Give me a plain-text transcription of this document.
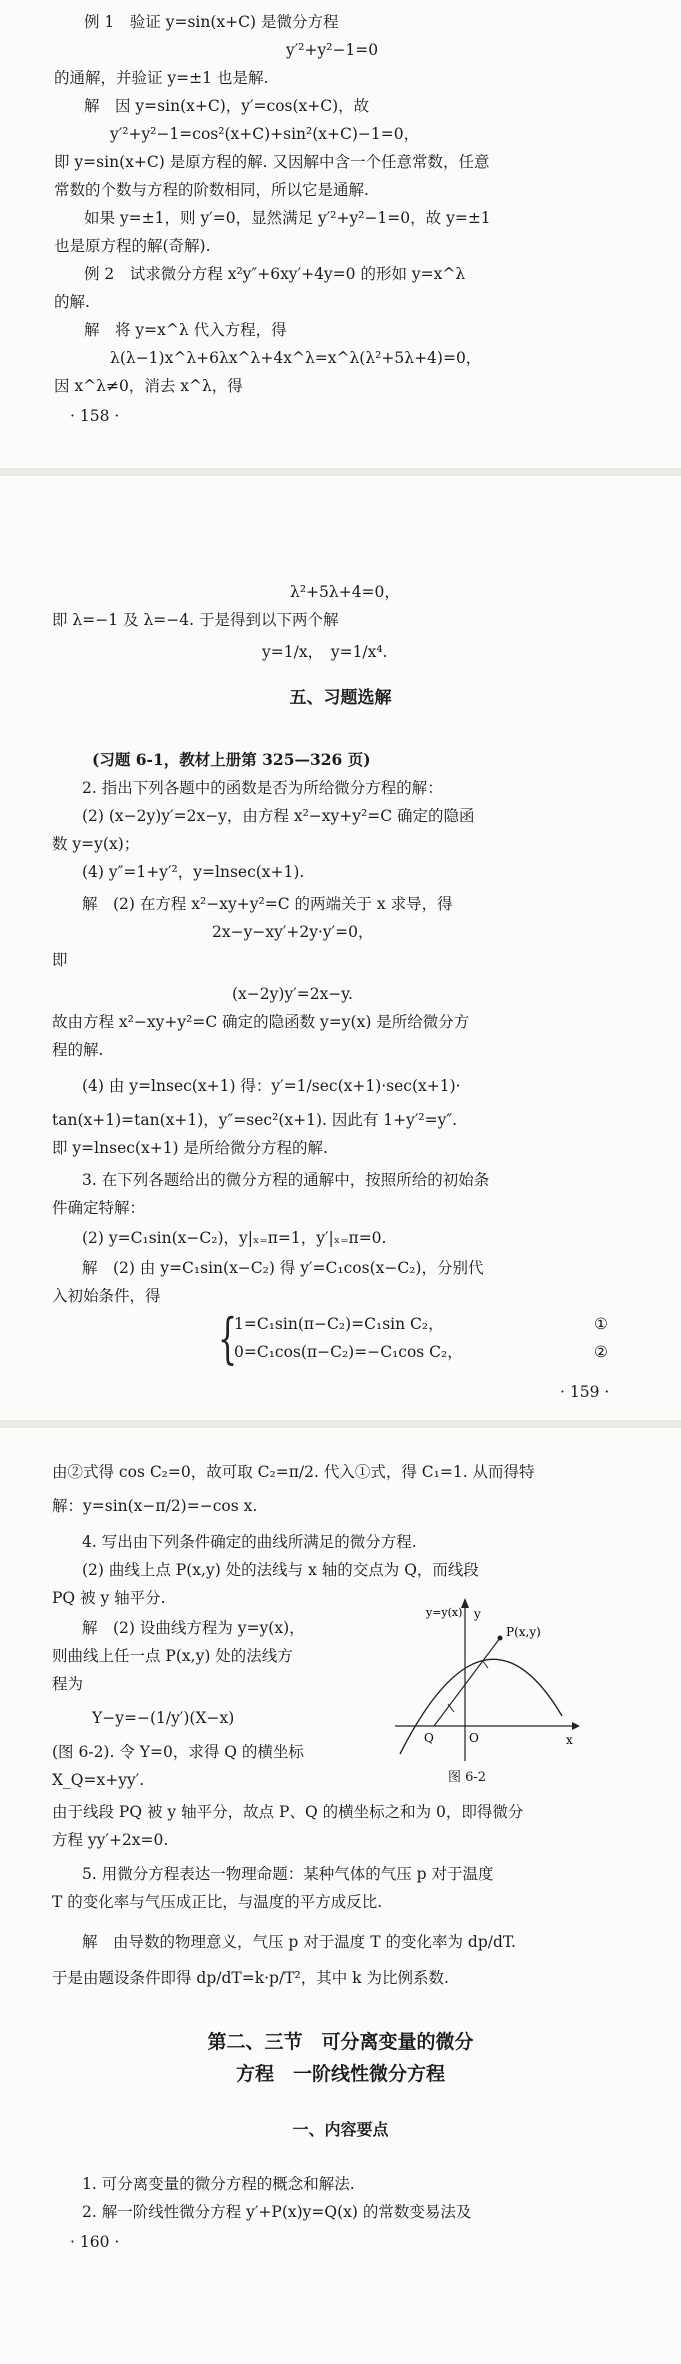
例 1　验证 y=sin(x+C) 是微分方程
y′²+y²−1=0
的通解，并验证 y=±1 也是解.
解　因 y=sin(x+C)，y′=cos(x+C)，故
y′²+y²−1=cos²(x+C)+sin²(x+C)−1=0，
即 y=sin(x+C) 是原方程的解. 又因解中含一个任意常数，任意
常数的个数与方程的阶数相同，所以它是通解.
如果 y=±1，则 y′=0，显然满足 y′²+y²−1=0，故 y=±1
也是原方程的解(奇解).
例 2　试求微分方程 x²y″+6xy′+4y=0 的形如 y=x^λ
的解.
解　将 y=x^λ 代入方程，得
λ(λ−1)x^λ+6λx^λ+4x^λ=x^λ(λ²+5λ+4)=0，
因 x^λ≠0，消去 x^λ，得
· 158 ·
λ²+5λ+4=0，
即 λ=−1 及 λ=−4. 于是得到以下两个解
y=1/x，　y=1/x⁴.
五、习题选解
(习题 6-1，教材上册第 325—326 页)
2. 指出下列各题中的函数是否为所给微分方程的解：
(2) (x−2y)y′=2x−y，由方程 x²−xy+y²=C 确定的隐函
数 y=y(x)；
(4) y″=1+y′²，y=lnsec(x+1).
解　(2) 在方程 x²−xy+y²=C 的两端关于 x 求导，得
2x−y−xy′+2y·y′=0，
即
(x−2y)y′=2x−y.
故由方程 x²−xy+y²=C 确定的隐函数 y=y(x) 是所给微分方
程的解.
(4) 由 y=lnsec(x+1) 得：y′=1/sec(x+1)·sec(x+1)·
tan(x+1)=tan(x+1)，y″=sec²(x+1). 因此有 1+y′²=y″.
即 y=lnsec(x+1) 是所给微分方程的解.
3. 在下列各题给出的微分方程的通解中，按照所给的初始条
件确定特解：
(2) y=C₁sin(x−C₂)，y|ₓ₌π=1，y′|ₓ₌π=0.
解　(2) 由 y=C₁sin(x−C₂) 得 y′=C₁cos(x−C₂)，分别代
入初始条件，得
{
1=C₁sin(π−C₂)=C₁sin C₂，
0=C₁cos(π−C₂)=−C₁cos C₂，
①
②
· 159 ·
由②式得 cos C₂=0，故可取 C₂=π/2. 代入①式，得 C₁=1. 从而得特
解：y=sin(x−π/2)=−cos x.
4. 写出由下列条件确定的曲线所满足的微分方程.
(2) 曲线上点 P(x,y) 处的法线与 x 轴的交点为 Q，而线段
PQ 被 y 轴平分.
解　(2) 设曲线方程为 y=y(x)，
则曲线上任一点 P(x,y) 处的法线方
程为
Y−y=−(1/y′)(X−x)
(图 6-2). 令 Y=0，求得 Q 的横坐标
X_Q=x+yy′.
y
y=y(x)
P(x,y)
Q	O	x
图 6-2
由于线段 PQ 被 y 轴平分，故点 P、Q 的横坐标之和为 0，即得微分
方程 yy′+2x=0.
5. 用微分方程表达一物理命题：某种气体的气压 p 对于温度
T 的变化率与气压成正比，与温度的平方成反比.
解　由导数的物理意义，气压 p 对于温度 T 的变化率为 dp/dT.
于是由题设条件即得 dp/dT=k·p/T²，其中 k 为比例系数.
第二、三节　可分离变量的微分
方程　一阶线性微分方程
一、内容要点
1. 可分离变量的微分方程的概念和解法.
2. 解一阶线性微分方程 y′+P(x)y=Q(x) 的常数变易法及
· 160 ·
